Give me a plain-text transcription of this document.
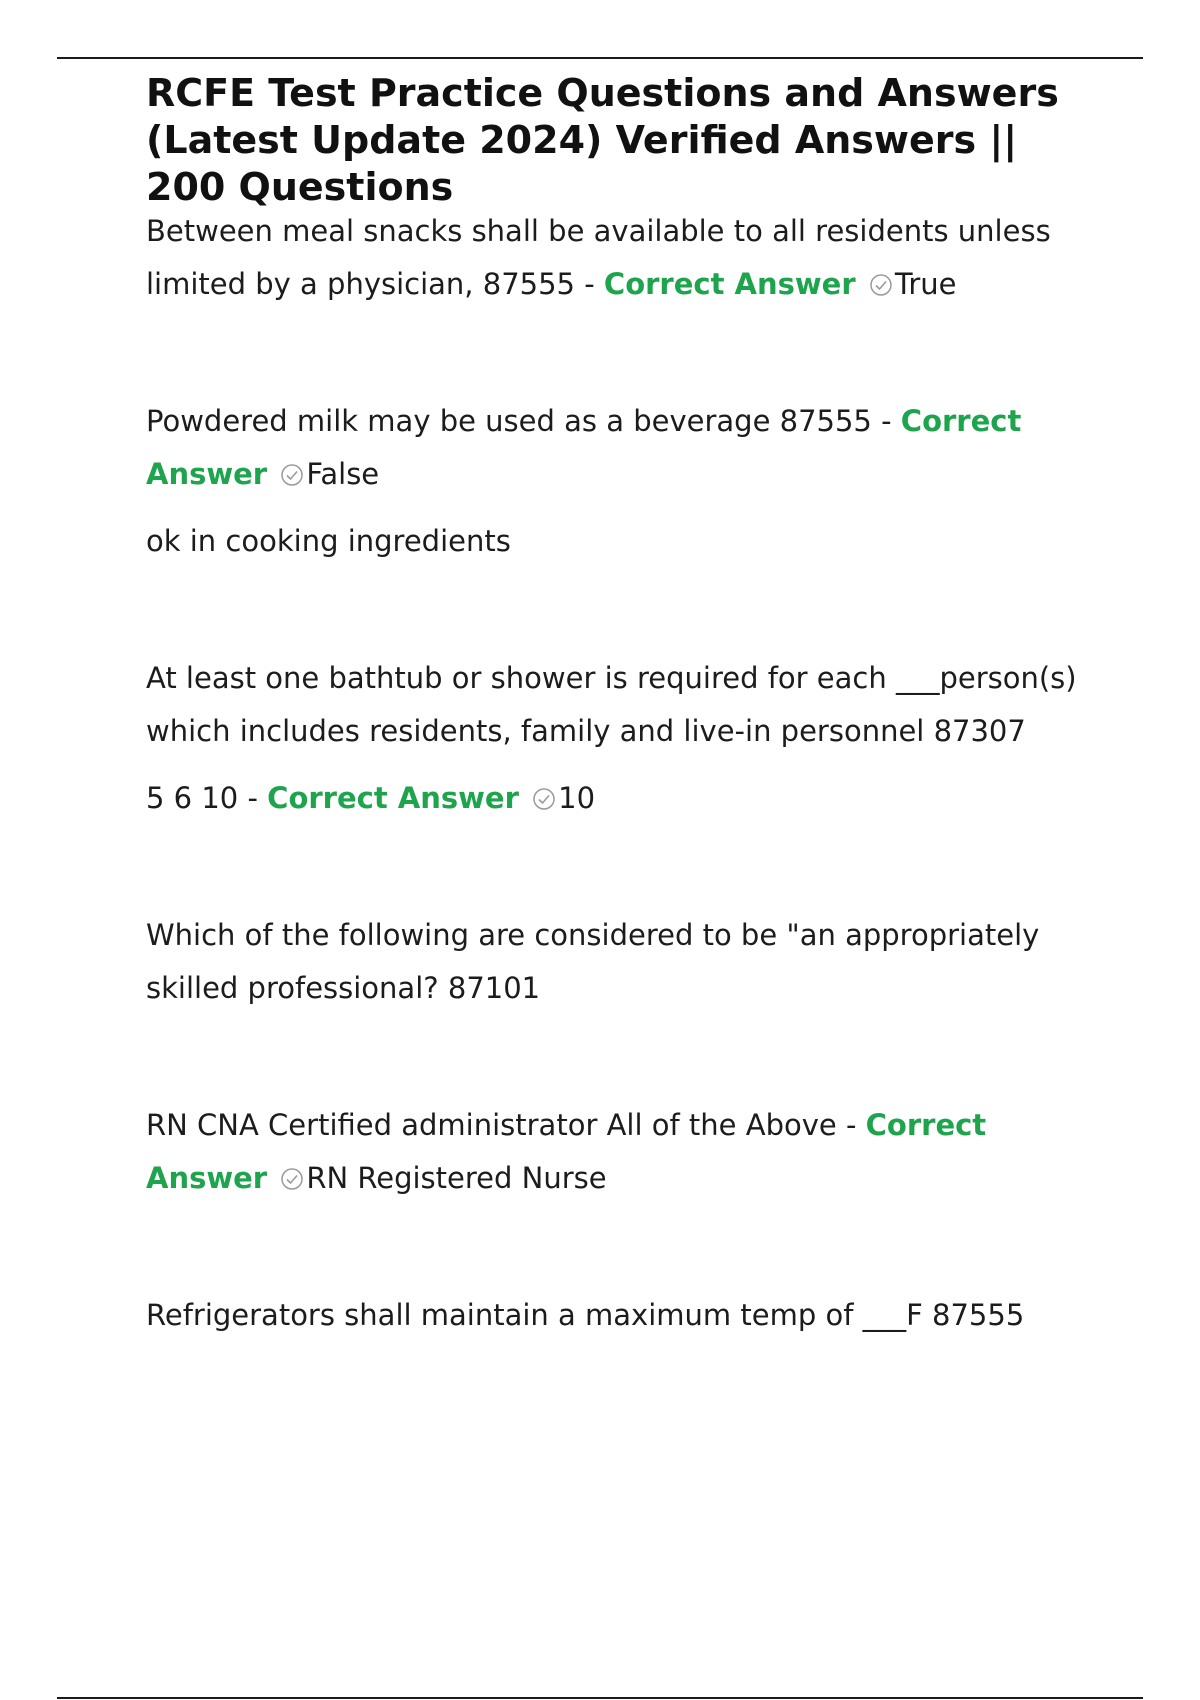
RCFE Test Practice Questions and Answers (Latest Update 2024) Verified Answers || 200 Questions

Between meal snacks shall be available to all residents unless limited by a physician, 87555 - Correct Answer True

Powdered milk may be used as a beverage 87555 - Correct Answer False

ok in cooking ingredients

At least one bathtub or shower is required for each ___person(s) which includes residents, family and live-in personnel 87307

5 6 10 - Correct Answer 10

Which of the following are considered to be "an appropriately skilled professional? 87101

RN CNA Certified administrator All of the Above - Correct Answer RN Registered Nurse

Refrigerators shall maintain a maximum temp of ___F 87555
